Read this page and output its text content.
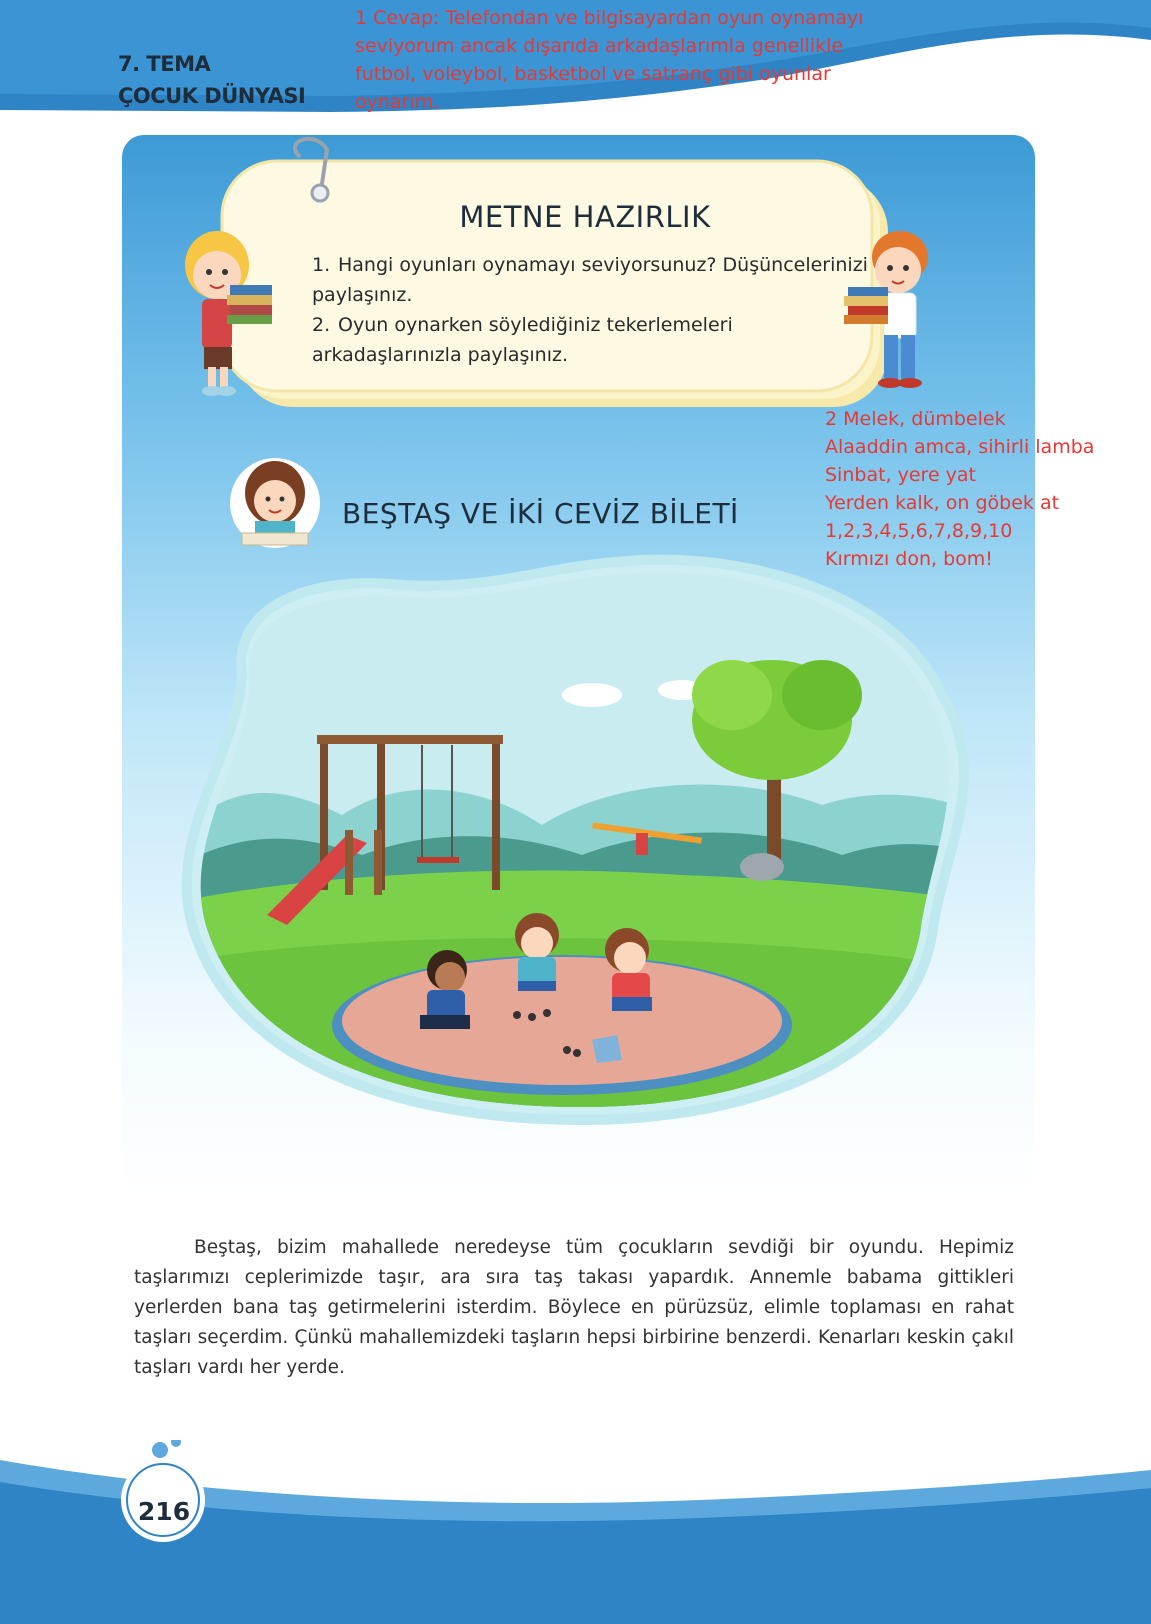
7. TEMA
ÇOCUK DÜNYASI
1 Cevap: Telefondan ve bilgisayardan oyun oynamayı seviyorum ancak dışarıda arkadaşlarımla genellikle futbol, voleybol, basketbol ve satranç gibi oyunlar oynarım.
METNE HAZIRLIK
1. Hangi oyunları oynamayı seviyorsunuz? Düşüncelerinizi paylaşınız.
2. Oyun oynarken söylediğiniz tekerlemeleri arkadaşlarınızla paylaşınız.
BEŞTAŞ VE İKİ CEVİZ BİLETİ
2 Melek, dümbelek
Alaaddin amca, sihirli lamba
Sinbat, yere yat
Yerden kalk, on göbek at
1,2,3,4,5,6,7,8,9,10
Kırmızı don, bom!
Beştaş, bizim mahallede neredeyse tüm çocukların sevdiği bir oyundu. Hepimiz taşlarımızı ceplerimizde taşır, ara sıra taş takası yapardık. Annemle babama gittikleri yerlerden bana taş getirmelerini isterdim. Böylece en pürüzsüz, elimle toplaması en rahat taşları seçerdim. Çünkü mahallemizdeki taşların hepsi birbirine benzerdi. Kenarları keskin çakıl taşları vardı her yerde.
216
